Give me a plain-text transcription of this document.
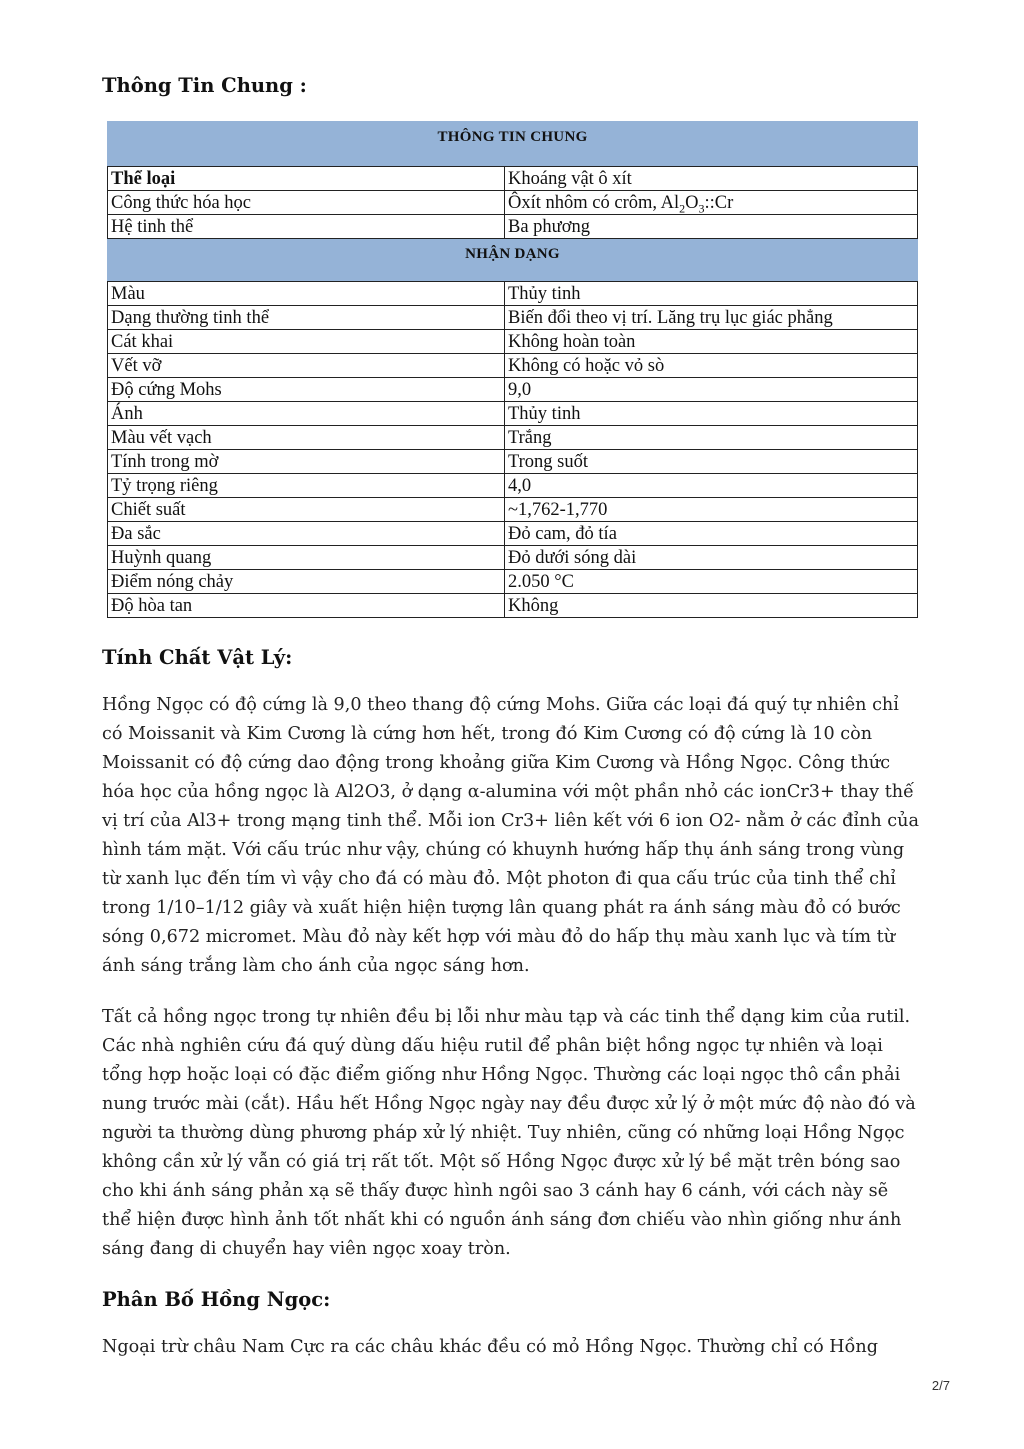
Thông Tin Chung :
THÔNG TIN CHUNG	
Thể loại	Khoáng vật ô xít
Công thức hóa học	Ôxít nhôm có crôm, $Al_2O_3::Cr$
Hệ tinh thể	Ba phương
NHẬN DẠNG	
Màu	Thủy tinh
Dạng thường tinh thể	Biến đổi theo vị trí. Lăng trụ lục giác phẳng
Cát khai	Không hoàn toàn
Vết vỡ	Không có hoặc vỏ sò
Độ cứng Mohs	9,0
Ánh	Thủy tinh
Màu vết vạch	Trắng
Tính trong mờ	Trong suốt
Tỷ trọng riêng	4,0
Chiết suất	~1,762-1,770
Đa sắc	Đỏ cam, đỏ tía
Huỳnh quang	Đỏ dưới sóng dài
Điểm nóng chảy	2.050 °C
Độ hòa tan	Không
Tính Chất Vật Lý:

Hồng Ngọc có độ cứng là 9,0 theo thang độ cứng Mohs. Giữa các loại đá quý tự nhiên chỉ có Moissanit và Kim Cương là cứng hơn hết, trong đó Kim Cương có độ cứng là 10 còn Moissanit có độ cứng dao động trong khoảng giữa Kim Cương và Hồng Ngọc. Công thức hóa học của hồng ngọc là Al2O3, ở dạng α-alumina với một phần nhỏ các ionCr3+ thay thế vị trí của Al3+ trong mạng tinh thể. Mỗi ion Cr3+ liên kết với 6 ion O2- nằm ở các đỉnh của hình tám mặt. Với cấu trúc như vậy, chúng có khuynh hướng hấp thụ ánh sáng trong vùng từ xanh lục đến tím vì vậy cho đá có màu đỏ. Một photon đi qua cấu trúc của tinh thể chỉ trong 1/10–1/12 giây và xuất hiện hiện tượng lân quang phát ra ánh sáng màu đỏ có bước sóng 0,672 micromet. Màu đỏ này kết hợp với màu đỏ do hấp thụ màu xanh lục và tím từ ánh sáng trắng làm cho ánh của ngọc sáng hơn.

Tất cả hồng ngọc trong tự nhiên đều bị lỗi như màu tạp và các tinh thể dạng kim của rutil. Các nhà nghiên cứu đá quý dùng dấu hiệu rutil để phân biệt hồng ngọc tự nhiên và loại tổng hợp hoặc loại có đặc điểm giống như Hồng Ngọc. Thường các loại ngọc thô cần phải nung trước mài (cắt). Hầu hết Hồng Ngọc ngày nay đều được xử lý ở một mức độ nào đó và người ta thường dùng phương pháp xử lý nhiệt. Tuy nhiên, cũng có những loại Hồng Ngọc không cần xử lý vẫn có giá trị rất tốt. Một số Hồng Ngọc được xử lý bề mặt trên bóng sao cho khi ánh sáng phản xạ sẽ thấy được hình ngôi sao 3 cánh hay 6 cánh, với cách này sẽ thể hiện được hình ảnh tốt nhất khi có nguồn ánh sáng đơn chiếu vào nhìn giống như ánh sáng đang di chuyển hay viên ngọc xoay tròn.

Phân Bố Hồng Ngọc:

Ngoại trừ châu Nam Cực ra các châu khác đều có mỏ Hồng Ngọc. Thường chỉ có Hồng

2/7
